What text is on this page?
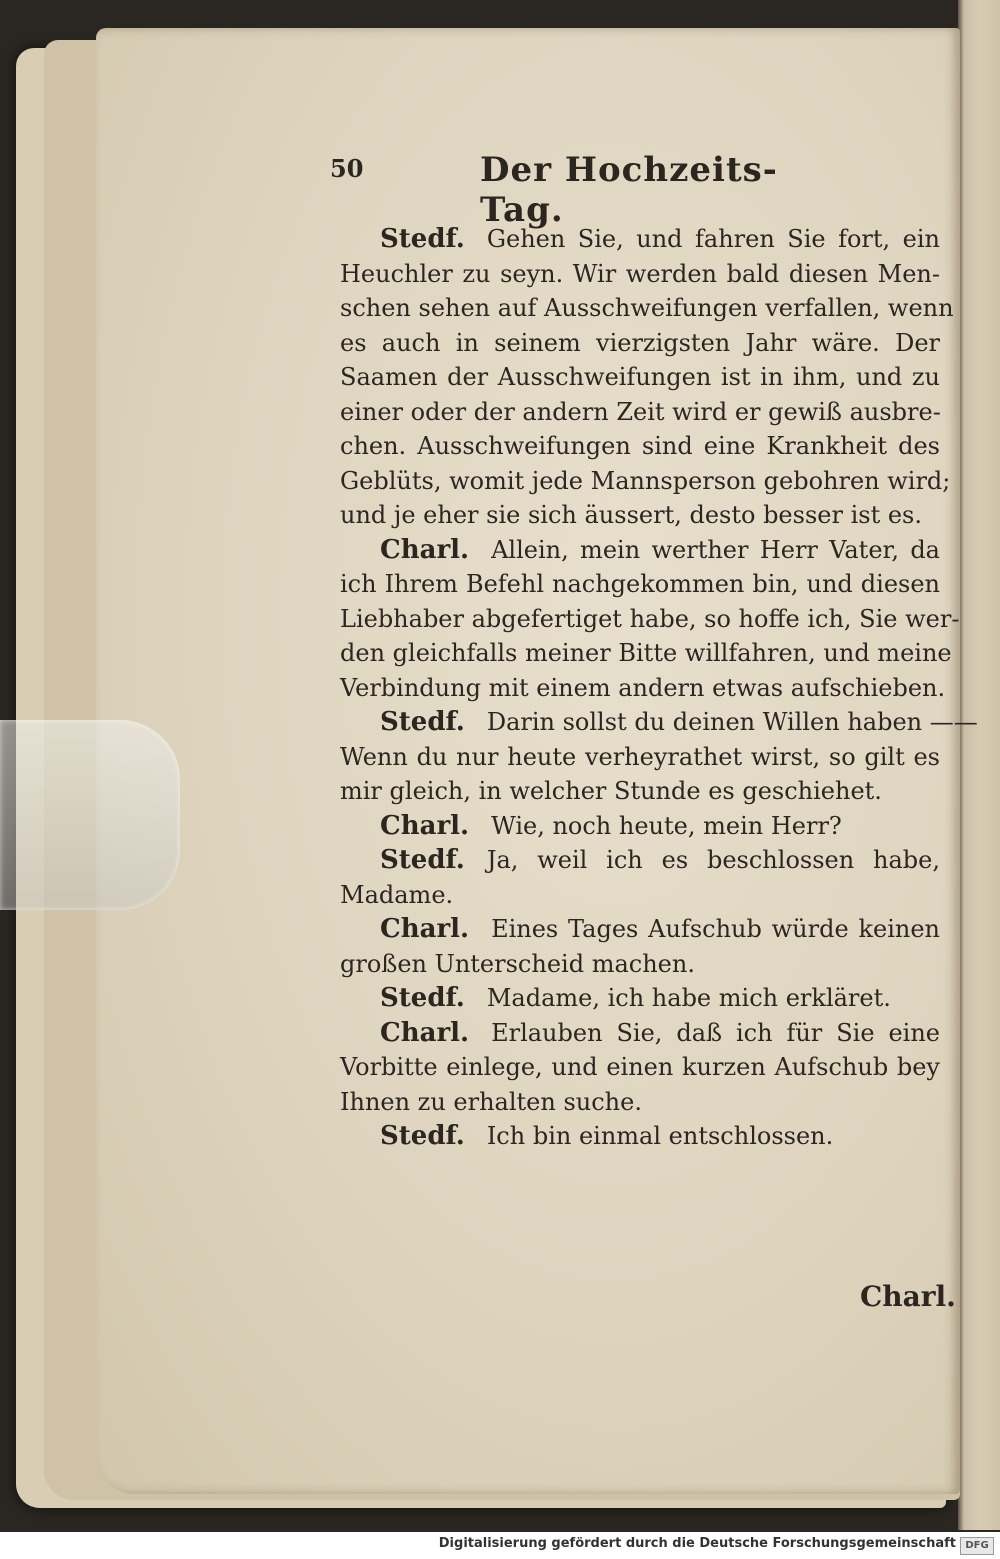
50	Der Hochzeits-Tag.
Stedf. Gehen Sie, und fahren Sie fort, ein
Heuchler zu seyn. Wir werden bald diesen Men-
schen sehen auf Ausschweifungen verfallen, wenn
es auch in seinem vierzigsten Jahr wäre. Der
Saamen der Ausschweifungen ist in ihm, und zu
einer oder der andern Zeit wird er gewiß ausbre-
chen. Ausschweifungen sind eine Krankheit des
Geblüts, womit jede Mannsperson gebohren wird;
und je eher sie sich äussert, desto besser ist es.
Charl. Allein, mein werther Herr Vater, da
ich Ihrem Befehl nachgekommen bin, und diesen
Liebhaber abgefertiget habe, so hoffe ich, Sie wer-
den gleichfalls meiner Bitte willfahren, und meine
Verbindung mit einem andern etwas aufschieben.
Stedf. Darin sollst du deinen Willen haben ——
Wenn du nur heute verheyrathet wirst, so gilt es
mir gleich, in welcher Stunde es geschiehet.
Charl. Wie, noch heute, mein Herr?
Stedf. Ja, weil ich es beschlossen habe,
Madame.
Charl. Eines Tages Aufschub würde keinen
großen Unterscheid machen.
Stedf. Madame, ich habe mich erkläret.
Charl. Erlauben Sie, daß ich für Sie eine
Vorbitte einlege, und einen kurzen Aufschub bey
Ihnen zu erhalten suche.
Stedf. Ich bin einmal entschlossen.
Charl.
Digitalisierung gefördert durch die Deutsche Forschungsgemeinschaft DFG
